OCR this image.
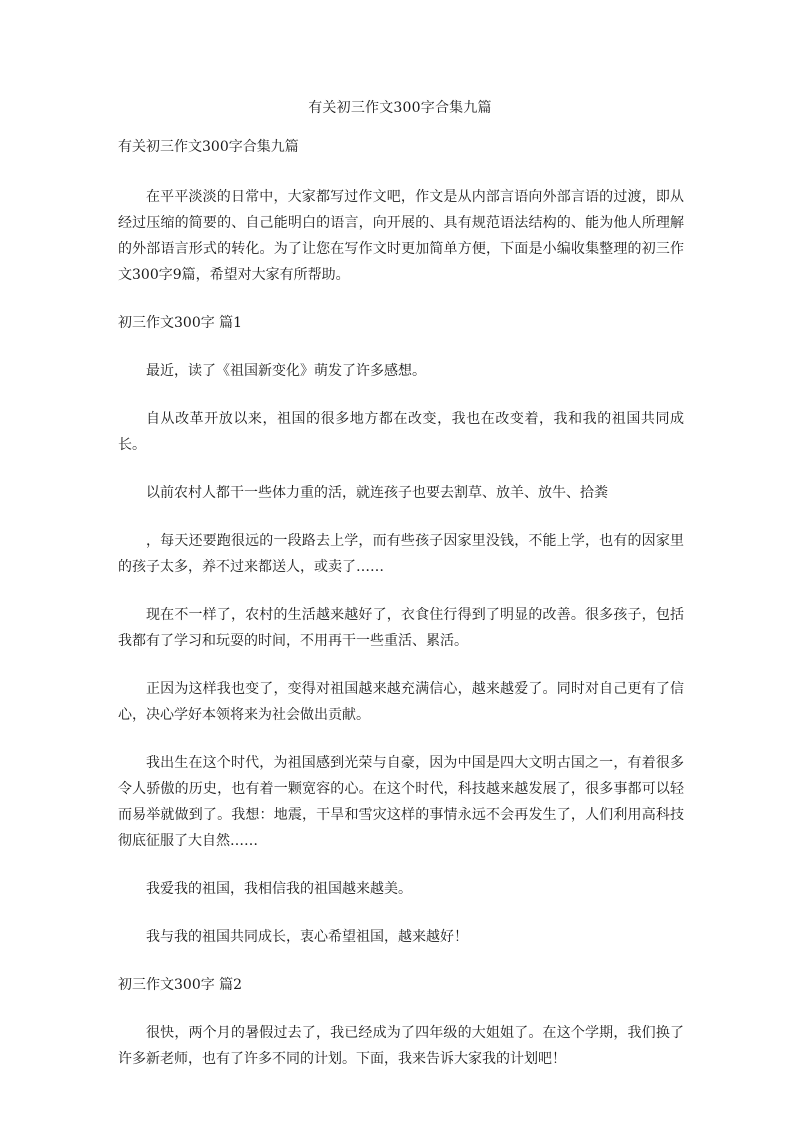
有关初三作文300字合集九篇

有关初三作文300字合集九篇

在平平淡淡的日常中，大家都写过作文吧，作文是从内部言语向外部言语的过渡，即从经过压缩的简要的、自己能明白的语言，向开展的、具有规范语法结构的、能为他人所理解的外部语言形式的转化。为了让您在写作文时更加简单方便，下面是小编收集整理的初三作文300字9篇，希望对大家有所帮助。

初三作文300字 篇1

最近，读了《祖国新变化》萌发了许多感想。

自从改革开放以来，祖国的很多地方都在改变，我也在改变着，我和我的祖国共同成长。

以前农村人都干一些体力重的活，就连孩子也要去割草、放羊、放牛、拾粪

，每天还要跑很远的一段路去上学，而有些孩子因家里没钱，不能上学，也有的因家里的孩子太多，养不过来都送人，或卖了……

现在不一样了，农村的生活越来越好了，衣食住行得到了明显的改善。很多孩子，包括我都有了学习和玩耍的时间，不用再干一些重活、累活。

正因为这样我也变了，变得对祖国越来越充满信心，越来越爱了。同时对自己更有了信心，决心学好本领将来为社会做出贡献。

我出生在这个时代，为祖国感到光荣与自豪，因为中国是四大文明古国之一，有着很多令人骄傲的历史，也有着一颗宽容的心。在这个时代，科技越来越发展了，很多事都可以轻而易举就做到了。我想：地震，干旱和雪灾这样的事情永远不会再发生了，人们利用高科技彻底征服了大自然……

我爱我的祖国，我相信我的祖国越来越美。

我与我的祖国共同成长，衷心希望祖国，越来越好！

初三作文300字 篇2

很快，两个月的暑假过去了，我已经成为了四年级的大姐姐了。在这个学期，我们换了许多新老师，也有了许多不同的计划。下面，我来告诉大家我的计划吧！
